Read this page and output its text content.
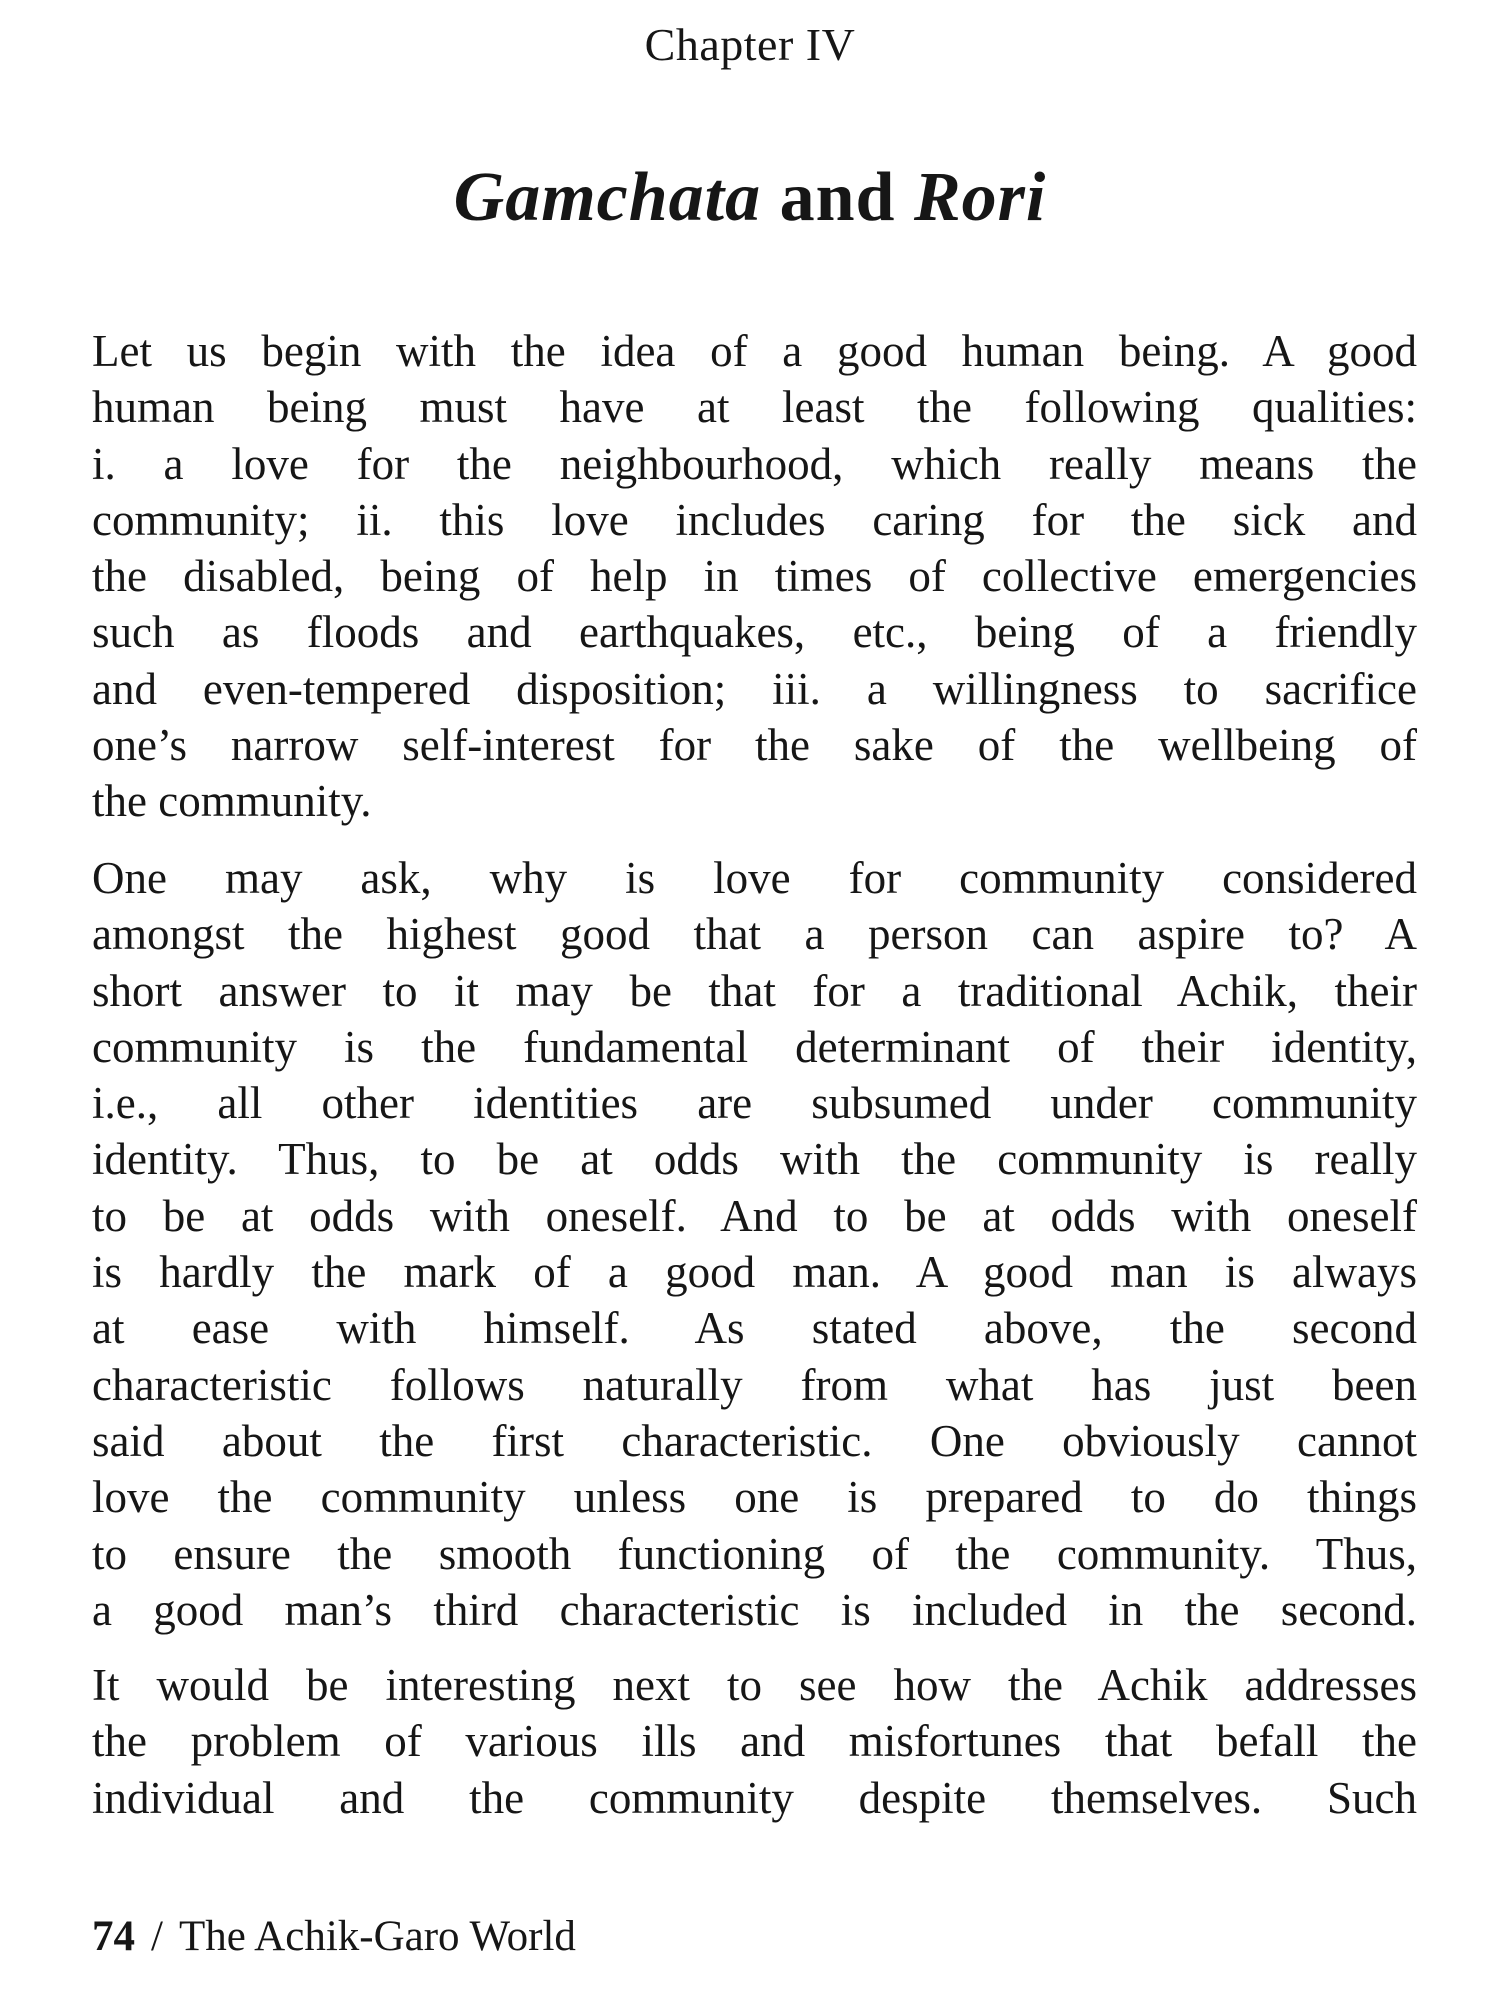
Chapter IV
Gamchata and Rori
Let us begin with the idea of a good human being. A good
human being must have at least the following qualities:
i. a love for the neighbourhood, which really means the
community; ii. this love includes caring for the sick and
the disabled, being of help in times of collective emergencies
such as floods and earthquakes, etc., being of a friendly
and even-tempered disposition; iii. a willingness to sacrifice
one’s narrow self-interest for the sake of the wellbeing of
the community.
One may ask, why is love for community considered
amongst the highest good that a person can aspire to? A
short answer to it may be that for a traditional Achik, their
community is the fundamental determinant of their identity,
i.e., all other identities are subsumed under community
identity. Thus, to be at odds with the community is really
to be at odds with oneself. And to be at odds with oneself
is hardly the mark of a good man. A good man is always
at ease with himself. As stated above, the second
characteristic follows naturally from what has just been
said about the first characteristic. One obviously cannot
love the community unless one is prepared to do things
to ensure the smooth functioning of the community. Thus,
a good man’s third characteristic is included in the second.
It would be interesting next to see how the Achik addresses
the problem of various ills and misfortunes that befall the
individual and the community despite themselves. Such
74 / The Achik-Garo World
